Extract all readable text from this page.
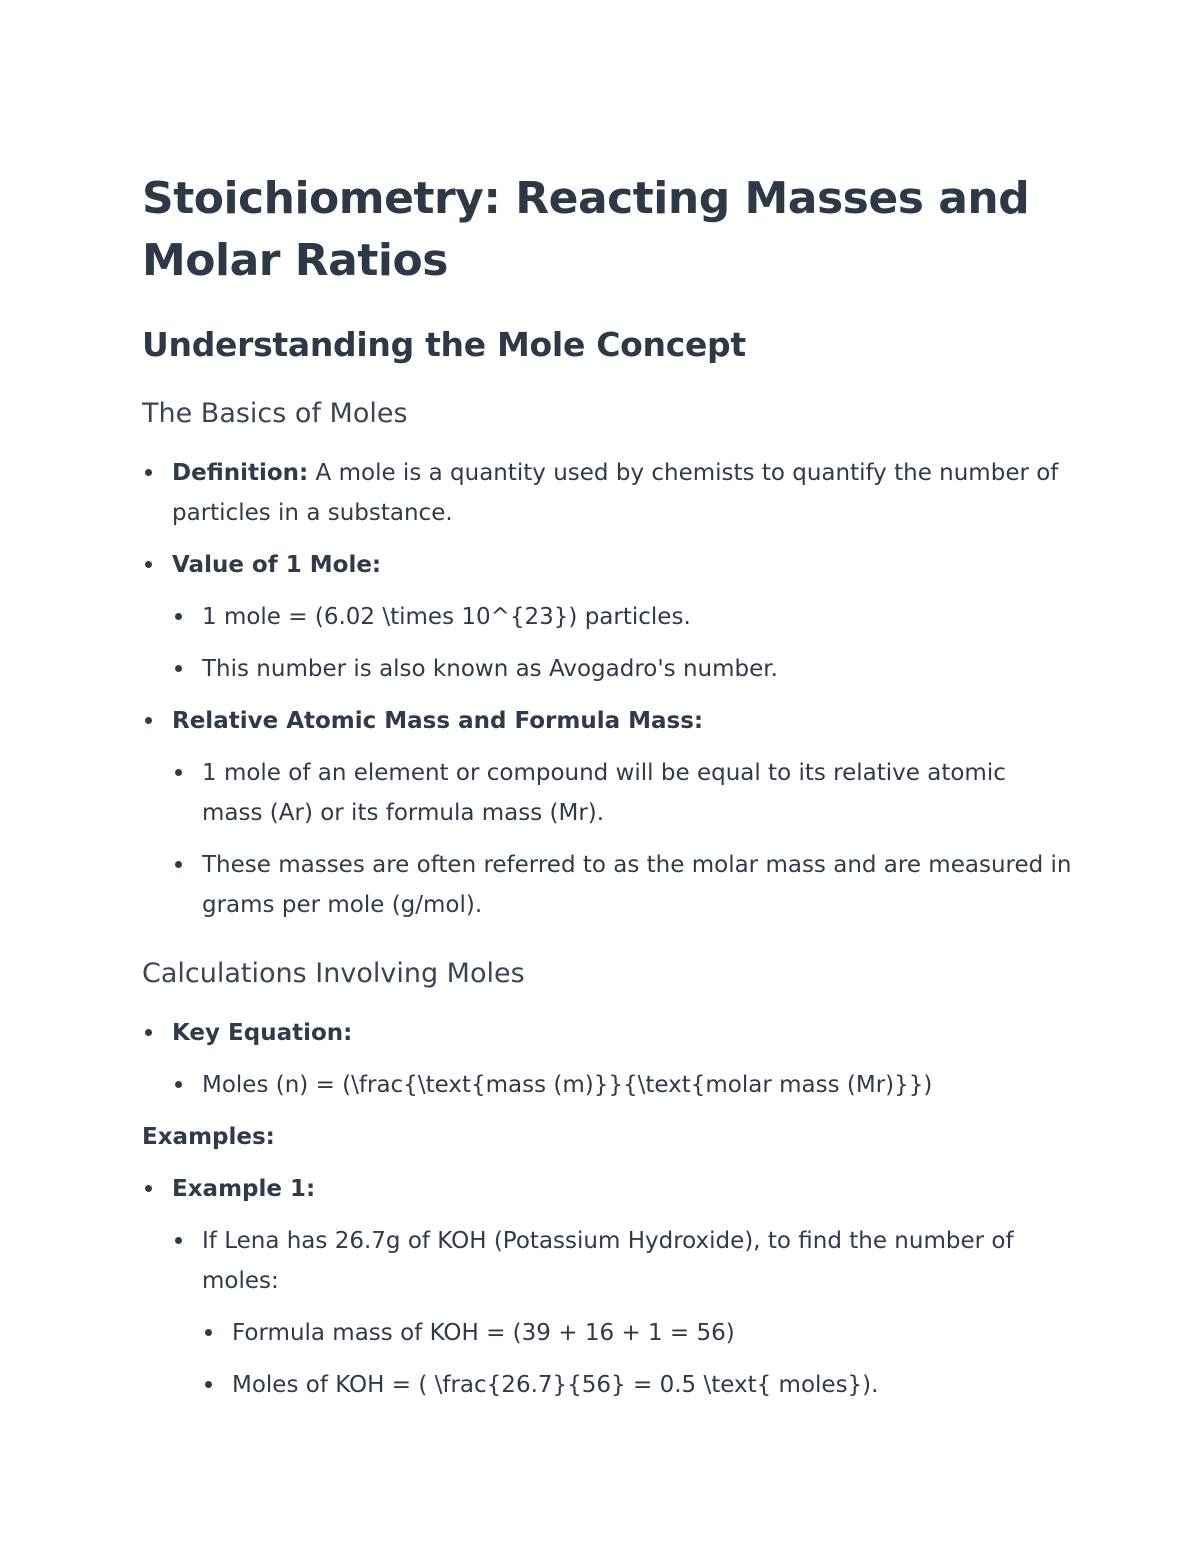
Stoichiometry: Reacting Masses and Molar Ratios
Understanding the Mole Concept
The Basics of Moles
Definition: A mole is a quantity used by chemists to quantify the number of particles in a substance.
Value of 1 Mole:
1 mole = (6.02 \times 10^{23}) particles.
This number is also known as Avogadro's number.
Relative Atomic Mass and Formula Mass:
1 mole of an element or compound will be equal to its relative atomic mass (Ar) or its formula mass (Mr).
These masses are often referred to as the molar mass and are measured in grams per mole (g/mol).
Calculations Involving Moles
Key Equation:
Moles (n) = (\frac{\text{mass (m)}}{\text{molar mass (Mr)}})
Examples:
Example 1:
If Lena has 26.7g of KOH (Potassium Hydroxide), to find the number of moles:
Formula mass of KOH = (39 + 16 + 1 = 56)
Moles of KOH = ( \frac{26.7}{56} = 0.5 \text{ moles}).
